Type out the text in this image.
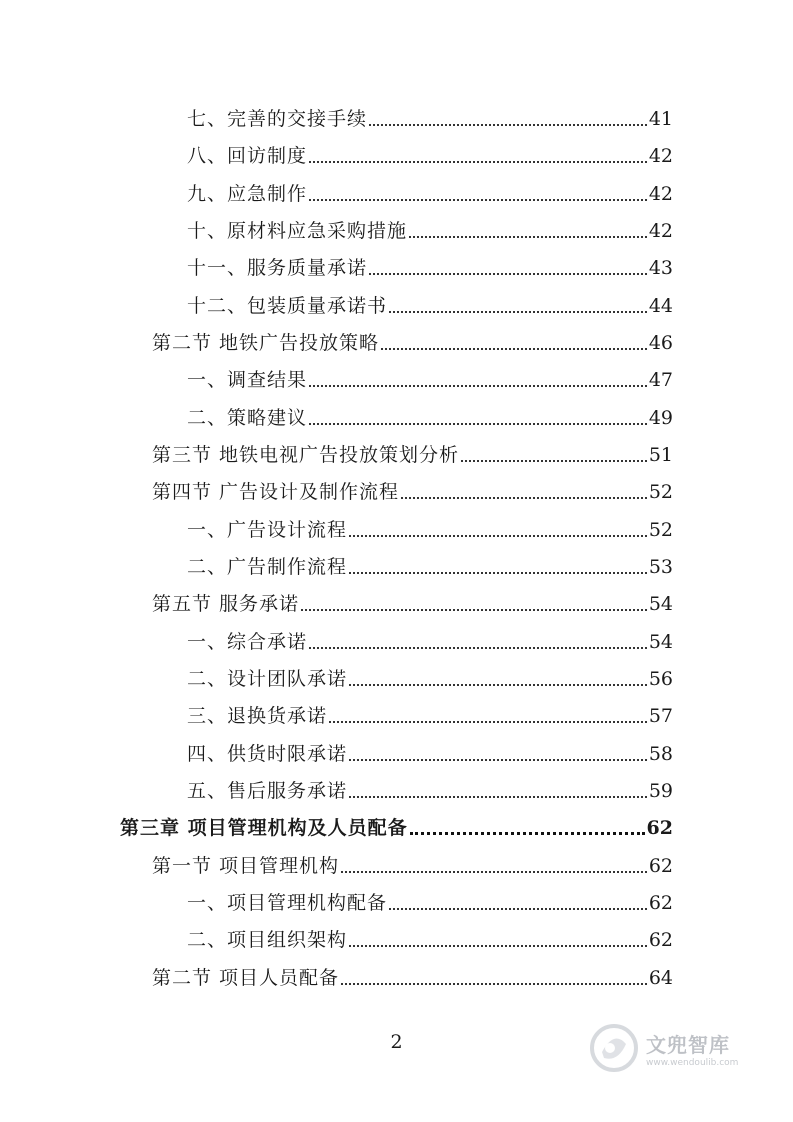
七、完善的交接手续	41
八、回访制度	42
九、应急制作	42
十、原材料应急采购措施	42
十一、服务质量承诺	43
十二、包装质量承诺书	44
第二节 地铁广告投放策略	46
一、调查结果	47
二、策略建议	49
第三节 地铁电视广告投放策划分析	51
第四节 广告设计及制作流程	52
一、广告设计流程	52
二、广告制作流程	53
第五节 服务承诺	54
一、综合承诺	54
二、设计团队承诺	56
三、退换货承诺	57
四、供货时限承诺	58
五、售后服务承诺	59
第三章 项目管理机构及人员配备	62
第一节 项目管理机构	62
一、项目管理机构配备	62
二、项目组织架构	62
第二节 项目人员配备	64
2	文兜智库
www.wendoulib.com
